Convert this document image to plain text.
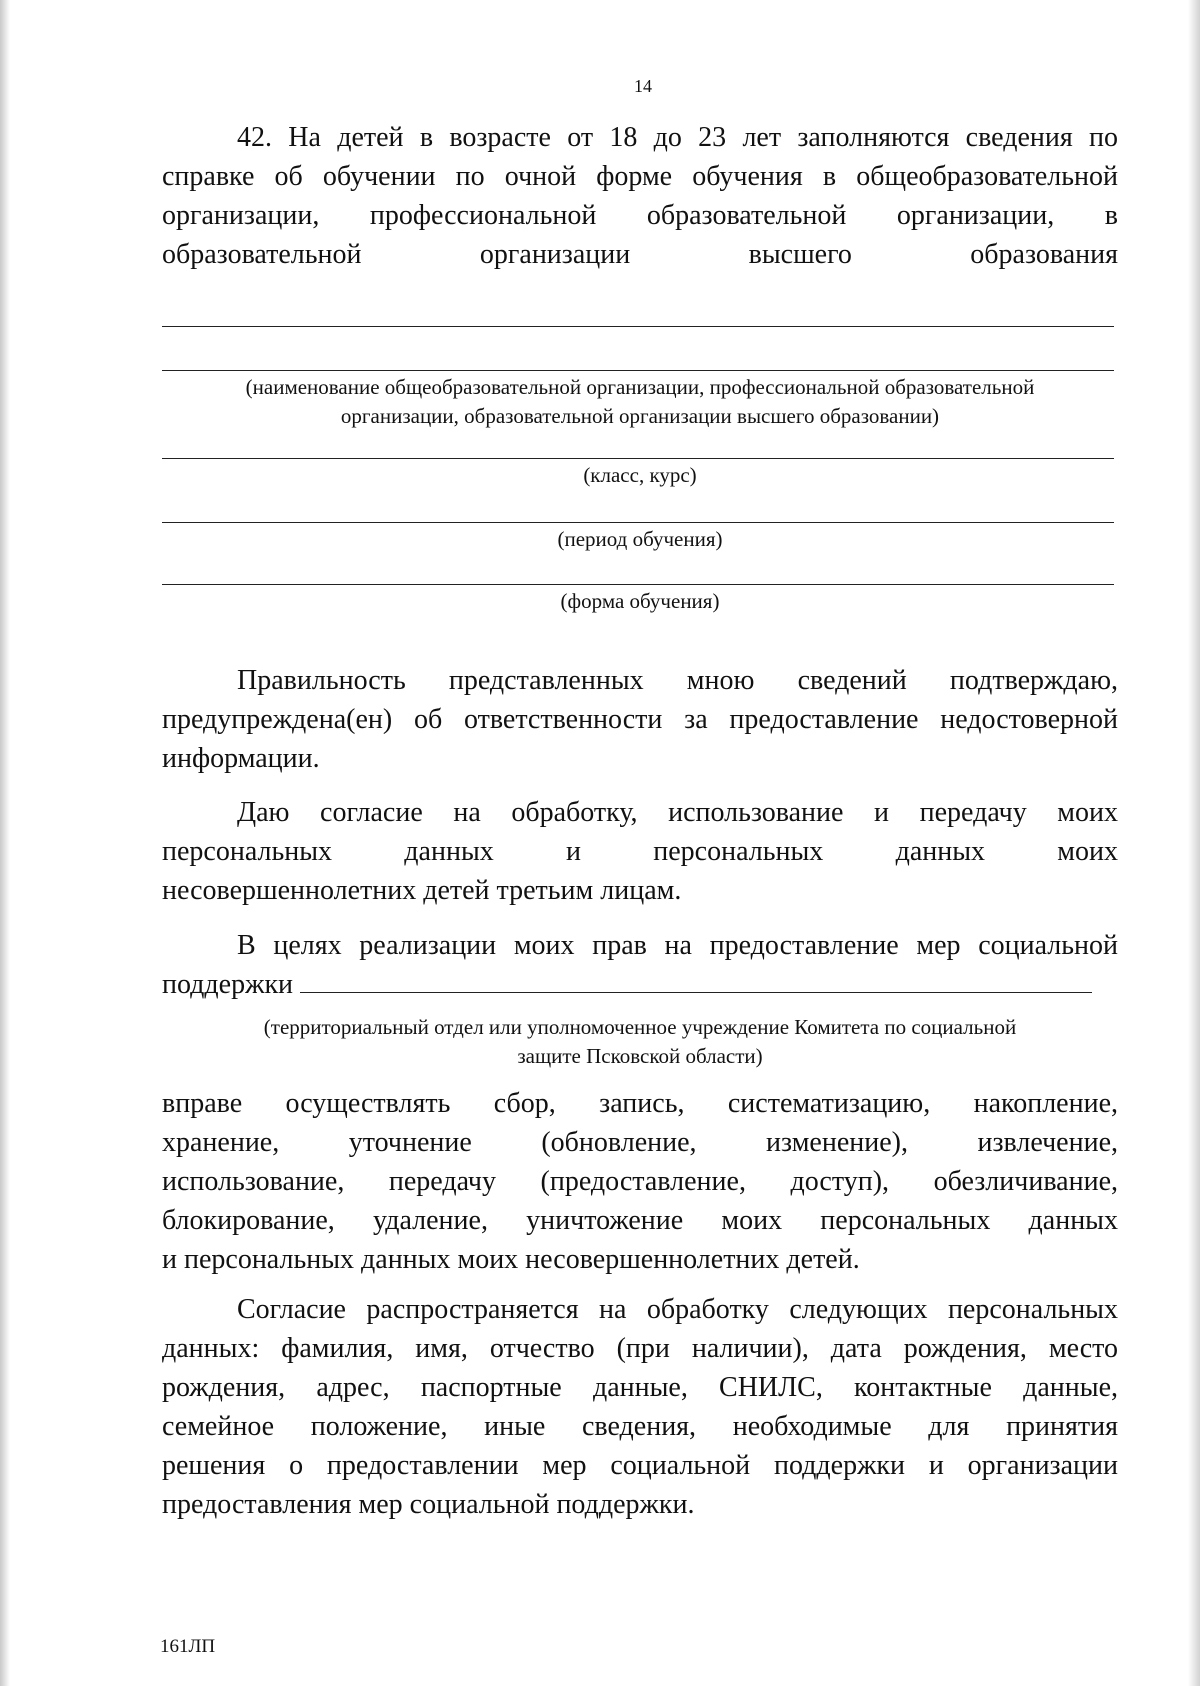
14
42. На детей в возрасте от 18 до 23 лет заполняются сведения по
справке об обучении по очной форме обучения в общеобразовательной
организации, профессиональной образовательной организации, в
образовательной организации высшего образования
(наименование общеобразовательной организации, профессиональной образовательной
организации, образовательной организации высшего образовании)
(класс, курс)
(период обучения)
(форма обучения)
Правильность представленных мною сведений подтверждаю,
предупреждена(ен) об ответственности за предоставление недостоверной
информации.
Даю согласие на обработку, использование и передачу моих
персональных данных и персональных данных моих
несовершеннолетних детей третьим лицам.
В целях реализации моих прав на предоставление мер социальной
поддержки
(территориальный отдел или уполномоченное учреждение Комитета по социальной
защите Псковской области)
вправе осуществлять сбор, запись, систематизацию, накопление,
хранение, уточнение (обновление, изменение), извлечение,
использование, передачу (предоставление, доступ), обезличивание,
блокирование, удаление, уничтожение моих персональных данных
и персональных данных моих несовершеннолетних детей.
Согласие распространяется на обработку следующих персональных
данных: фамилия, имя, отчество (при наличии), дата рождения, место
рождения, адрес, паспортные данные, СНИЛС, контактные данные,
семейное положение, иные сведения, необходимые для принятия
решения о предоставлении мер социальной поддержки и организации
предоставления мер социальной поддержки.
161ЛП
